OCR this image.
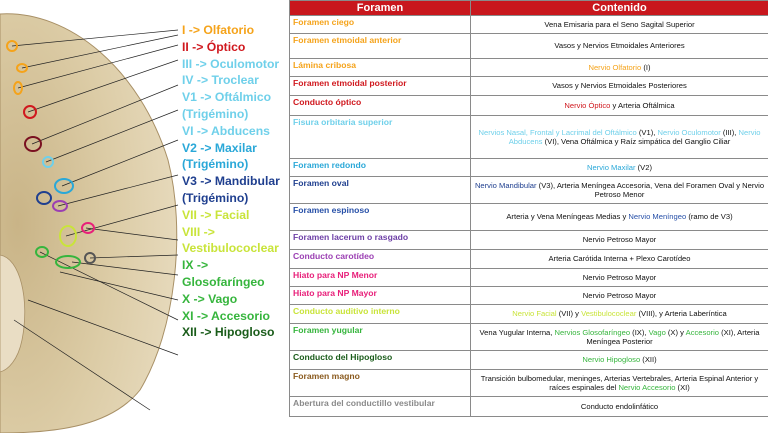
I -> Olfatorio
II -> Óptico
III -> Oculomotor
IV -> Troclear
V1 -> Oftálmico
(Trigémino)
VI -> Abducens
V2 -> Maxilar
(Trigémino)
V3 -> Mandibular
(Trigémino)
VII -> Facial
VIII ->
Vestibulococlear
IX ->
Glosofaríngeo
X -> Vago
XI -> Accesorio
XII -> Hipogloso
Foramen	Contenido
Foramen ciego	Vena Emisaria para el Seno Sagital Superior
Foramen etmoidal anterior	Vasos y Nervios Etmoidales Anteriores
Lámina cribosa	Nervio Olfatorio (I)
Foramen etmoidal posterior	Vasos y Nervios Etmoidales Posteriores
Conducto óptico	Nervio Óptico y Arteria Oftálmica
Fisura orbitaria superior	Nervios Nasal, Frontal y Lacrimal del Oftálmico (V1), Nervio Oculomotor (III), Nervio Abducens (VI), Vena Oftálmica y Raíz simpática del Ganglio Ciliar
Foramen redondo	Nervio Maxilar (V2)
Foramen oval	Nervio Mandibular (V3), Arteria Meníngea Accesoria, Vena del Foramen Oval y Nervio Petroso Menor
Foramen espinoso	Arteria y Vena Meníngeas Medias y Nervio Meníngeo (ramo de V3)
Foramen lacerum o rasgado	Nervio Petroso Mayor
Conducto carotídeo	Arteria Carótida Interna + Plexo Carotídeo
Hiato para NP Menor	Nervio Petroso Mayor
Hiato para NP Mayor	Nervio Petroso Mayor
Conducto auditivo interno	Nervio Facial (VII) y Vestibulococlear (VIII), y Arteria Laberíntica
Foramen yugular	Vena Yugular Interna, Nervios Glosofaríngeo (IX), Vago (X) y Accesorio (XI), Arteria Meníngea Posterior
Conducto del Hipogloso	Nervio Hipogloso (XII)
Foramen magno	Transición bulbomedular, meninges, Arterias Vertebrales, Arteria Espinal Anterior y raíces espinales del Nervio Accesorio (XI)
Abertura del conductillo vestibular	Conducto endolinfático
